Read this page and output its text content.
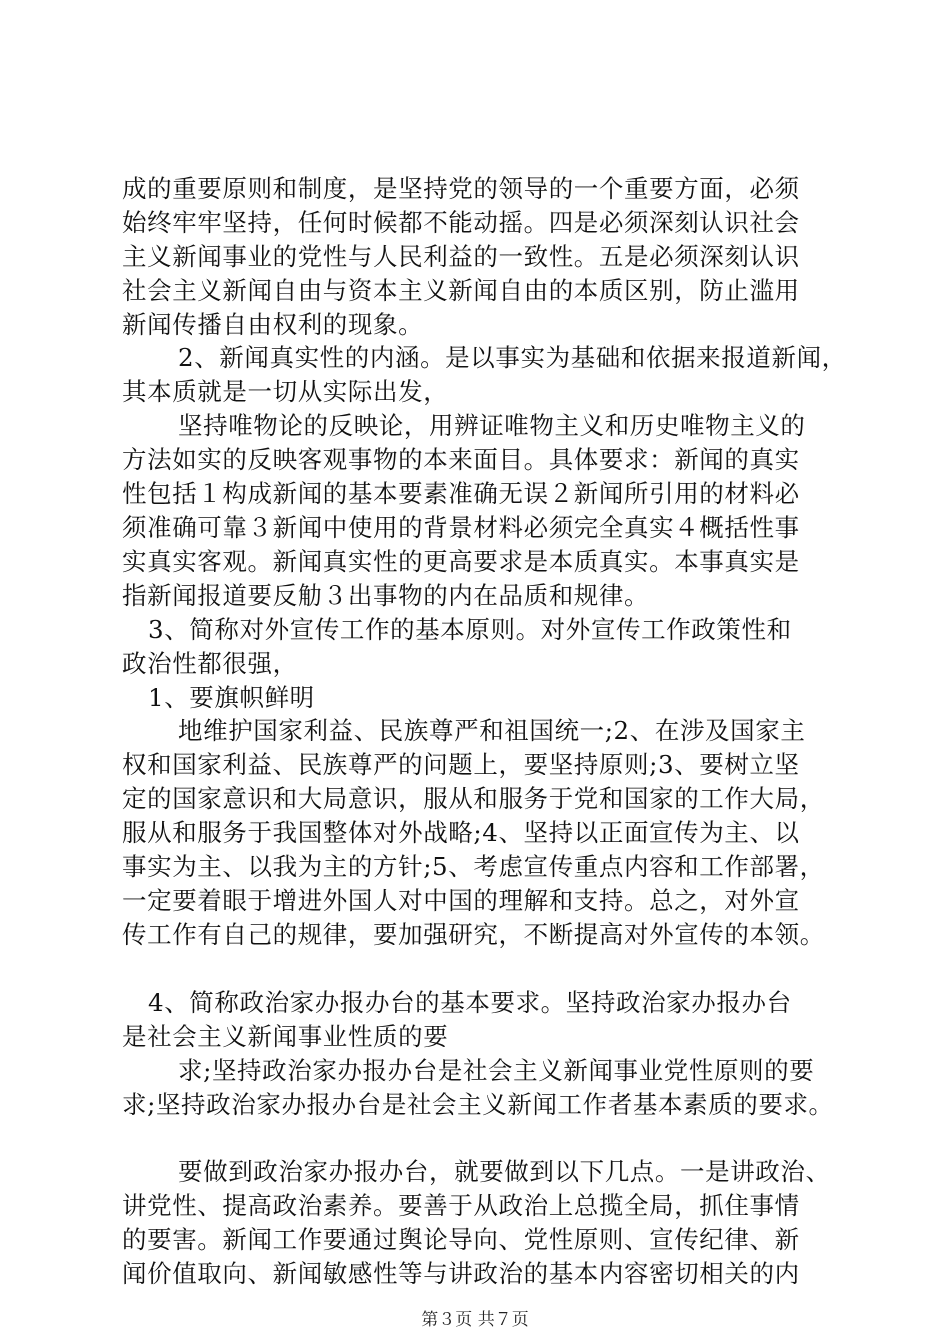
成的重要原则和制度，是坚持党的领导的一个重要方面，必须
始终牢牢坚持，任何时候都不能动摇。四是必须深刻认识社会
主义新闻事业的党性与人民利益的一致性。五是必须深刻认识
社会主义新闻自由与资本主义新闻自由的本质区别，防止滥用
新闻传播自由权利的现象。
2、新闻真实性的内涵。是以事实为基础和依据来报道新闻，
其本质就是一切从实际出发，
坚持唯物论的反映论，用辨证唯物主义和历史唯物主义的
方法如实的反映客观事物的本来面目。具体要求：新闻的真实
性包括１构成新闻的基本要素准确无误２新闻所引用的材料必
须准确可靠３新闻中使用的背景材料必须完全真实４概括性事
实真实客观。新闻真实性的更高要求是本质真实。本事真实是
指新闻报道要反觔３出事物的内在品质和规律。
3、简称对外宣传工作的基本原则。对外宣传工作政策性和
政治性都很强，
1、要旗帜鲜明
地维护国家利益、民族尊严和祖国统一;2、在涉及国家主
权和国家利益、民族尊严的问题上，要坚持原则;3、要树立坚
定的国家意识和大局意识，服从和服务于党和国家的工作大局，
服从和服务于我国整体对外战略;4、坚持以正面宣传为主、以
事实为主、以我为主的方针;5、考虑宣传重点内容和工作部署，
一定要着眼于增进外国人对中国的理解和支持。总之，对外宣
传工作有自己的规律，要加强研究，不断提高对外宣传的本领。
4、简称政治家办报办台的基本要求。坚持政治家办报办台
是社会主义新闻事业性质的要
求;坚持政治家办报办台是社会主义新闻事业党性原则的要
求;坚持政治家办报办台是社会主义新闻工作者基本素质的要求。
要做到政治家办报办台，就要做到以下几点。一是讲政治、
讲党性、提高政治素养。要善于从政治上总揽全局，抓住事情
的要害。新闻工作要通过舆论导向、党性原则、宣传纪律、新
闻价值取向、新闻敏感性等与讲政治的基本内容密切相关的内
第３页 共７页
